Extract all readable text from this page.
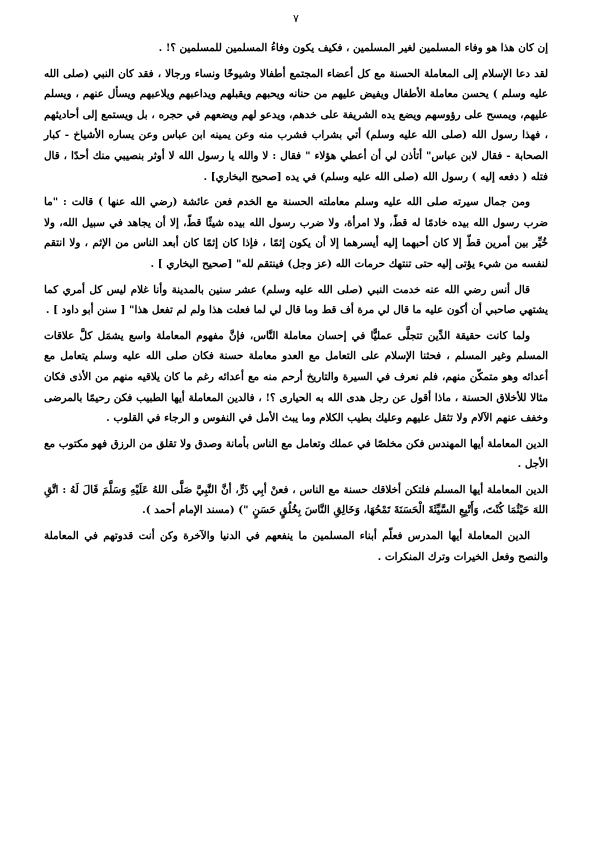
٧

إن كان هذا هو وفاء المسلمين لغير المسلمين ، فكيف يكون وفاءُ المسلمين للمسلمين ؟! .

لقد دعا الإسلام إلى المعاملة الحسنة مع كل أعضاء المجتمع أطفالا وشيوخًا ونساء ورجالا ، فقد كان النبي (صلى الله عليه وسلم ) يحسن معاملة الأطفال ويفيض عليهم من حنانه ويحبهم ويقبلهم ويداعبهم ويلاعبهم ويسأل عنهم ، ويسلم عليهم، ويمسح على رؤوسهم ويضع يده الشريفة على خدهم، ويدعو لهم ويضعهم في حجره ، بل ويستمع إلى أحاديثهم ، فهذا رسول الله (صلى الله عليه وسلم) أتي بشراب فشرب منه وعن يمينه ابن عباس وعن يساره الأشياخ - كبار الصحابة - فقال لابن عباس" أتأذن لي أن أعطي هؤلاء " فقال : لا والله يا رسول الله لا أوثر بنصيبي منك أحدًا ، قال فتله ( دفعه إليه ) رسول الله (صلى الله عليه وسلم) في يده [صحيح البخاري] .

ومن جمال سيرته صلى الله عليه وسلم معاملته الحسنة مع الخدم فعن عائشة (رضي الله عنها ) قالت : "ما ضرب رسول الله بيده خادمًا له قطّ، ولا امرأة، ولا ضرب رسول الله بيده شيئًا قطّ، إلا أن يجاهد في سبيل الله، ولا خُيِّر بين أمرين قطّ إلا كان أحبهما إليه أيسرهما إلا أن يكون إثمًا ، فإذا كان إثمًا كان أبعد الناس من الإثم ، ولا انتقم لنفسه من شيء يؤتى إليه حتى تنتهك حرمات الله (عز وجل) فينتقم لله" [صحيح البخاري ] .

قال أنس رضي الله عنه خدمت النبي (صلى الله عليه وسلم) عشر سنين بالمدينة وأنا غلام ليس كل أمري كما يشتهي صاحبي أن أكون عليه ما قال لي مرة أف قط وما قال لي لما فعلت هذا ولم لم تفعل هذا" [ سنن أبو داود ] .

ولما كانت حقيقة الدِّين تتجلَّى عمليًّا في إحسان معاملة النَّاس، فإنَّ مفهوم المعاملة واسع يشمَل كلَّ علاقات المسلم وغير المسلم ، فحثنا الإسلام على التعامل مع العدو معاملة حسنة فكان صلى الله عليه وسلم يتعامل مع أعدائه وهو متمكّن منهم، فلم نعرف في السيرة والتاريخ أرحم منه مع أعدائه رغم ما كان يلاقيه منهم من الأذى فكان مثالا للأخلاق الحسنة ، ماذا أقول عن رجل هدى الله به الحيارى ؟! ، فالدين المعاملة أيها الطبيب فكن رحيمًا بالمرضى وخفف عنهم الآلام ولا تثقل عليهم وعليك بطيب الكلام وما يبث الأمل في النفوس و الرجاء في القلوب .

الدين المعاملة أيها المهندس فكن مخلصًا في عملك وتعامل مع الناس بأمانة وصدق ولا تقلق من الرزق فهو مكتوب مع الأجل .

الدين المعاملة أيها المسلم فلتكن أخلاقك حسنة مع الناس ، فعنْ أبِي ذَرٍّ، أنَّ النَّبِيَّ صَلَّى اللهُ عَلَيْهِ وَسَلَّمَ قَالَ لَهُ : اتَّقِ اللهَ حَيْثُمَا كُنْتَ، وَأَتْبِعِ السَّيِّئَةَ الْحَسَنَةَ تَمْحُهَا، وَخَالِقِ النَّاسَ بِخُلُقٍ حَسَنٍ ") (مسند الإمام أحمد ).

الدين المعاملة أيها المدرس فعلّم أبناء المسلمين ما ينفعهم في الدنيا والآخرة وكن أنت قدوتهم في المعاملة والنصح وفعل الخيرات وترك المنكرات .
